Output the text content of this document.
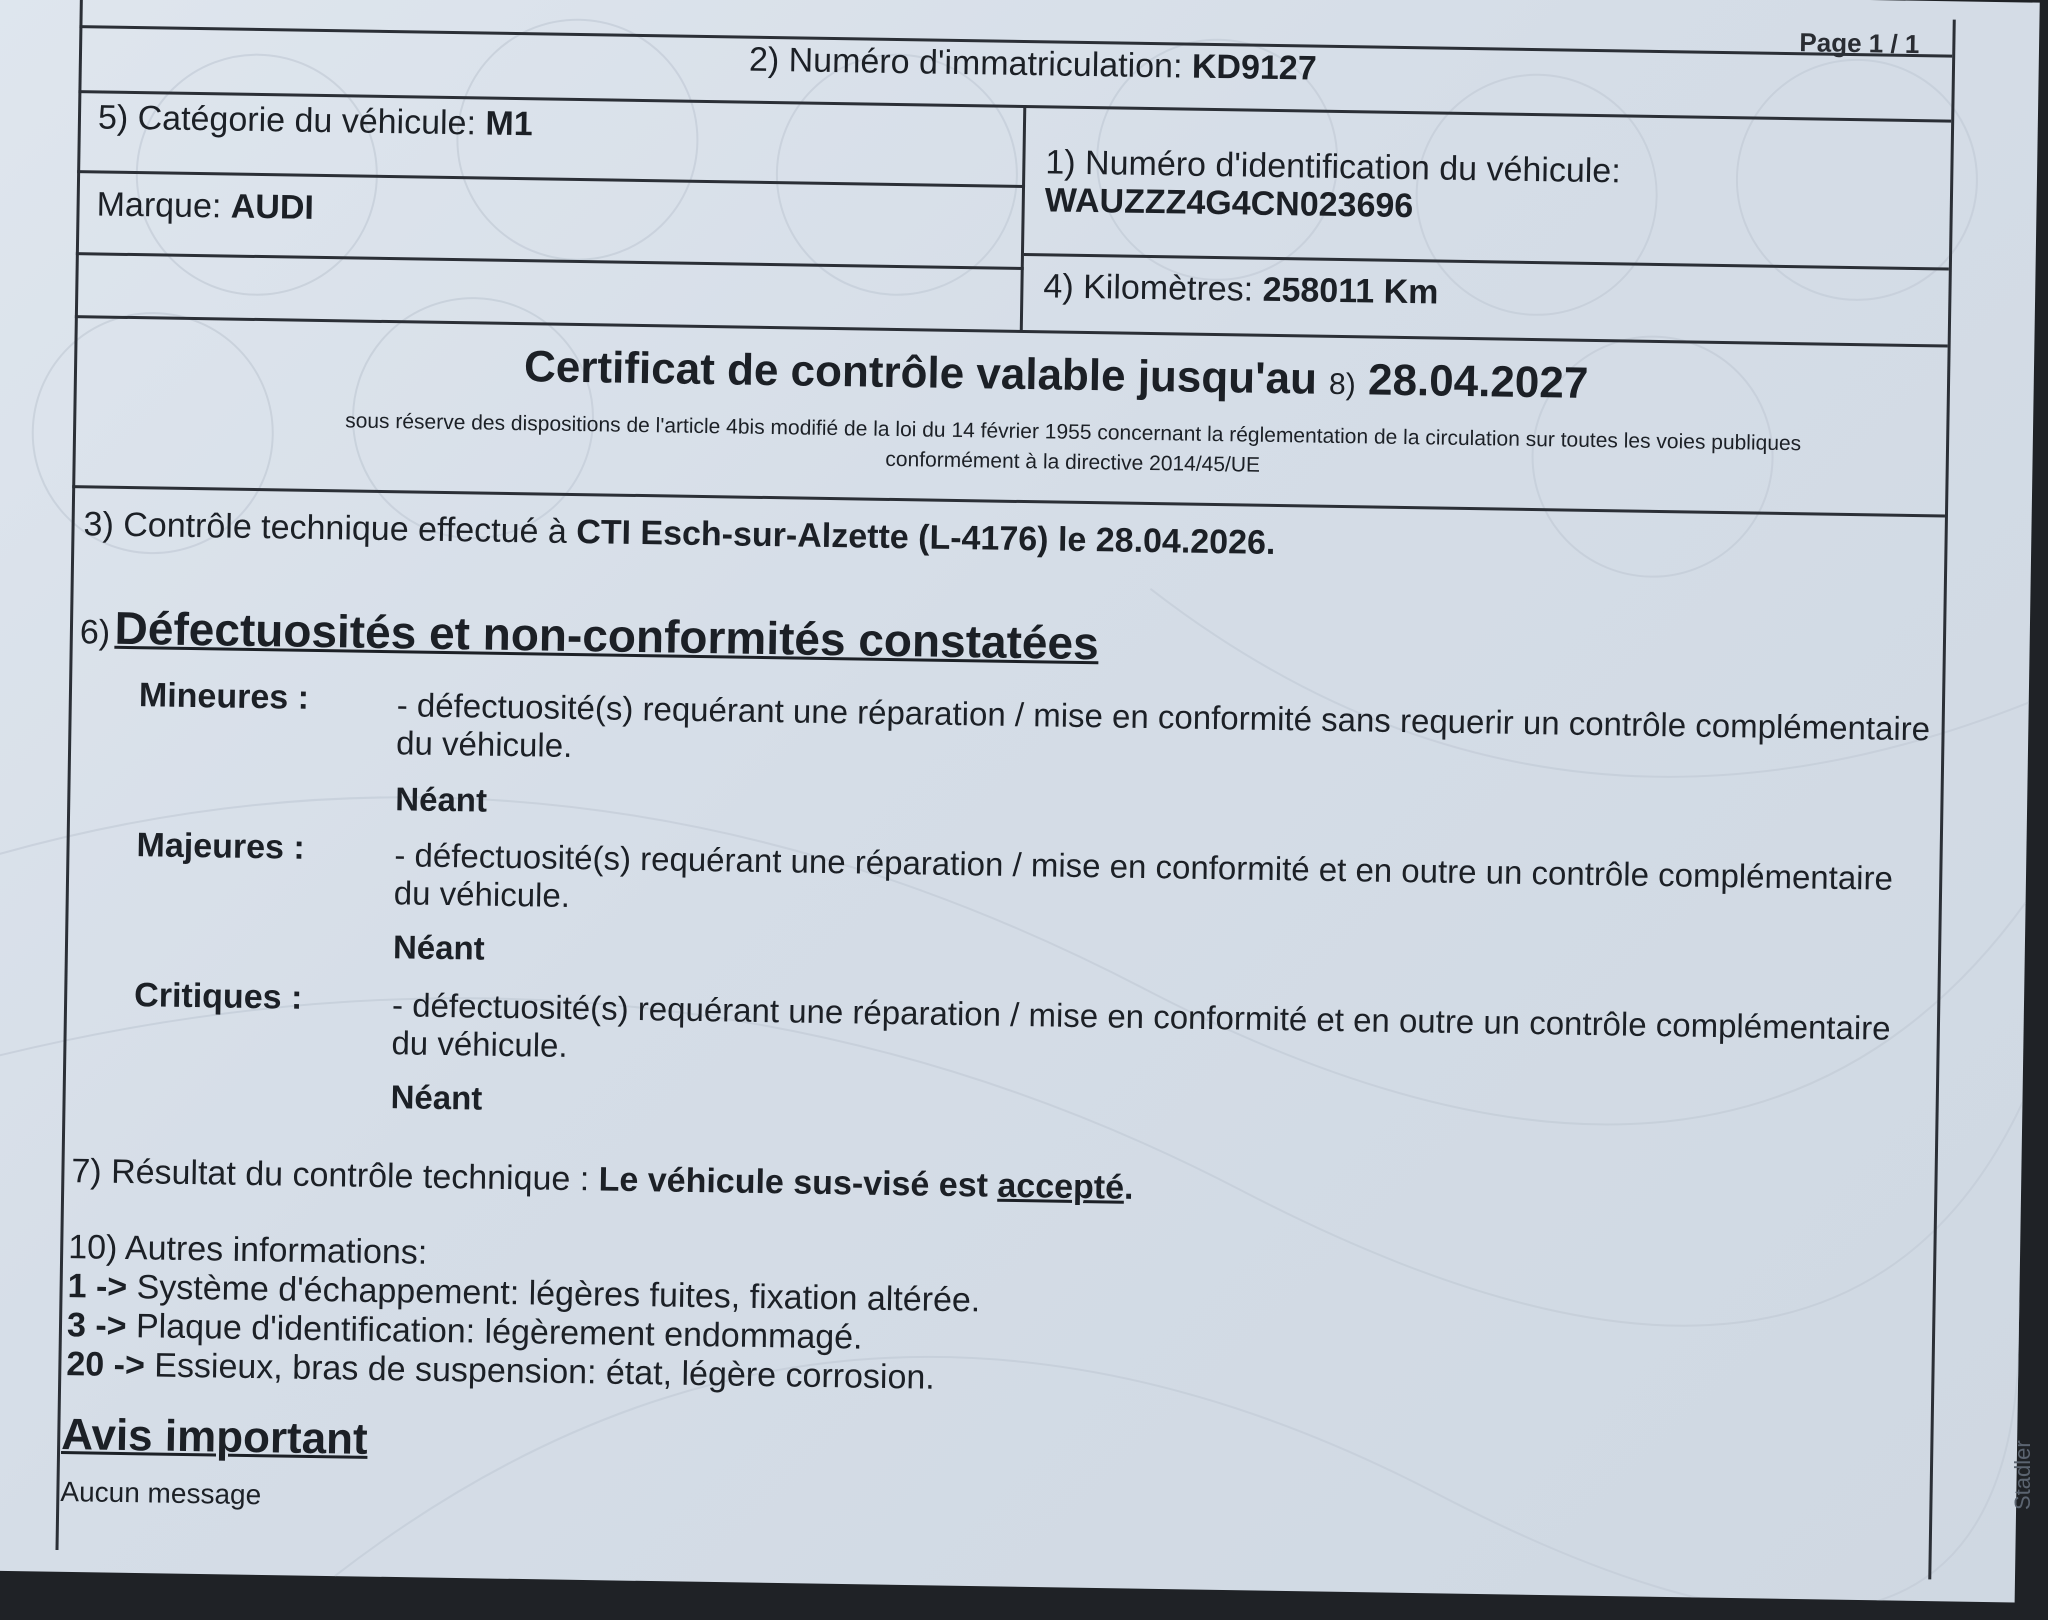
Page 1 / 1
2) Numéro d'immatriculation: KD9127
5) Catégorie du véhicule: M1
1) Numéro d'identification du véhicule:
WAUZZZ4G4CN023696
Marque: AUDI
4) Kilomètres: 258011 Km
Certificat de contrôle valable jusqu'au 8) 28.04.2027
sous réserve des dispositions de l'article 4bis modifié de la loi du 14 février 1955 concernant la réglementation de la circulation sur toutes les voies publiques conformément à la directive 2014/45/UE
3) Contrôle technique effectué à CTI Esch-sur-Alzette (L-4176) le 28.04.2026.
6) Défectuosités et non-conformités constatées
Mineures :	- défectuosité(s) requérant une réparation / mise en conformité sans requerir un contrôle complémentaire du véhicule.
Néant
Majeures :	- défectuosité(s) requérant une réparation / mise en conformité et en outre un contrôle complémentaire du véhicule.
Néant
Critiques :	- défectuosité(s) requérant une réparation / mise en conformité et en outre un contrôle complémentaire du véhicule.
Néant
7) Résultat du contrôle technique : Le véhicule sus-visé est accepté.
10) Autres informations:
1 -> Système d'échappement: légères fuites, fixation altérée.
3 -> Plaque d'identification: légèrement endommagé.
20 -> Essieux, bras de suspension: état, légère corrosion.
Avis important
Aucun message	Stadler
